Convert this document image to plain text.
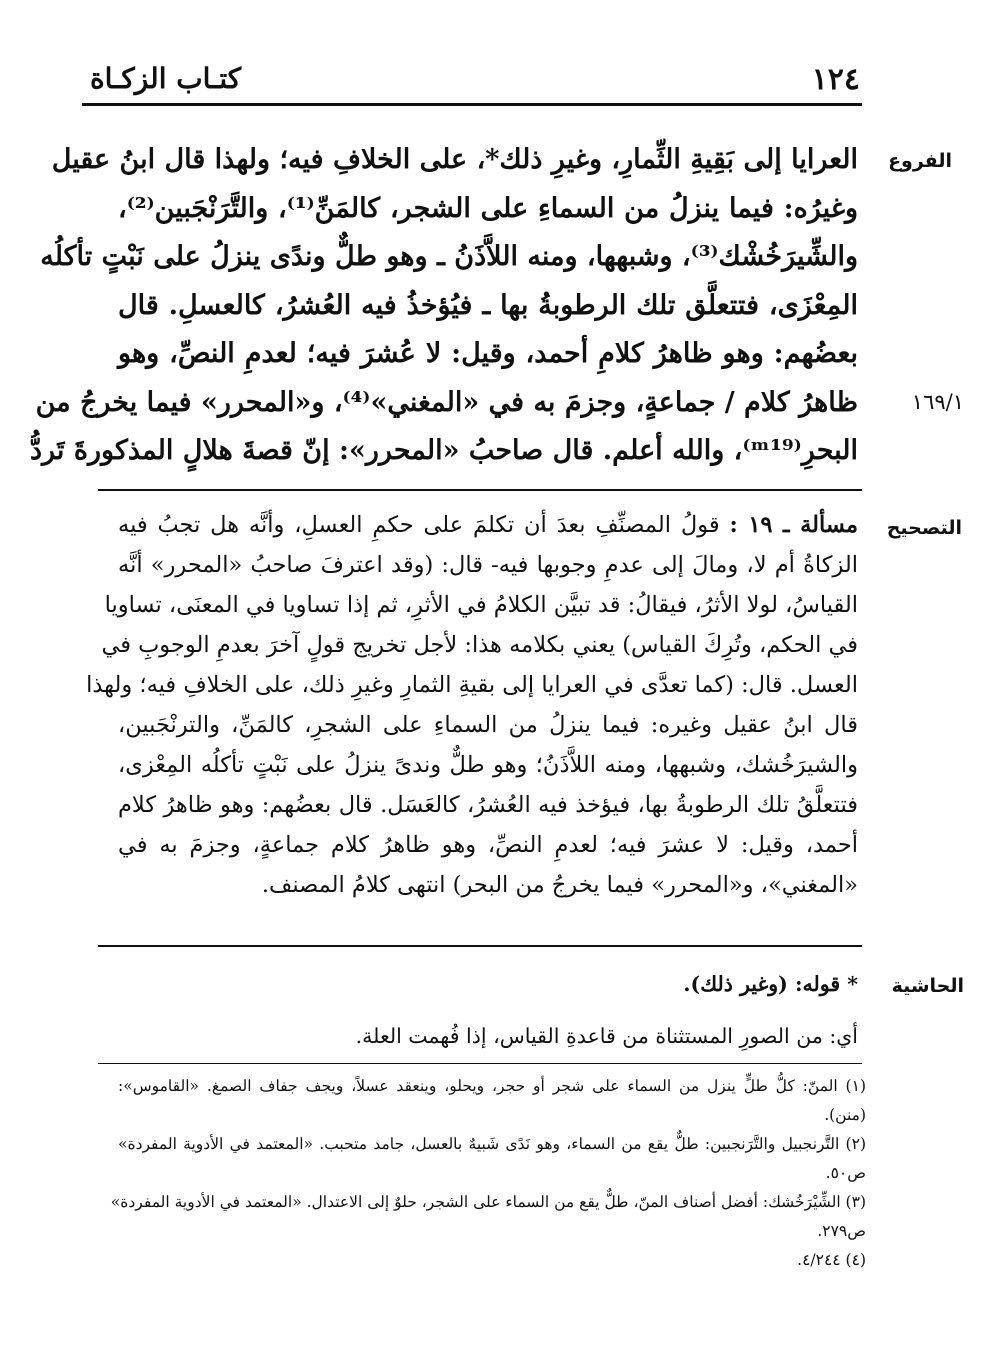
١٢٤
كتـاب الزكـاة
الفروع
١٦٩/١
العرايا إلى بَقِيةِ الثِّمارِ، وغيرِ ذلك*، على الخلافِ فيه؛ ولهذا قال ابنُ عقيل
وغيرُه: فيما ينزلُ من السماءِ على الشجر، كالمَنِّ⁽¹⁾، والتَّرَنْجَبين⁽²⁾،
والشِّيرَخُشْك⁽³⁾، وشبهها، ومنه اللاَّذَنُ ـ وهو طلٌّ وندًى ينزلُ على نَبْتٍ تأكلُه
المِعْزَى، فتتعلَّق تلك الرطوبةُ بها ـ فيُؤخذُ فيه العُشرُ، كالعسلِ. قال
بعضُهم: وهو ظاهرُ كلامِ أحمد، وقيل: لا عُشرَ فيه؛ لعدمِ النصِّ، وهو
ظاهرُ كلام / جماعةٍ، وجزمَ به في «المغني»⁽⁴⁾، و«المحرر» فيما يخرجُ من
البحرِ⁽ᵐ¹⁹⁾، والله أعلم. قال صاحبُ «المحرر»: إنّ قصةَ هلالٍ المذكورةَ تَردُّ
التصحيح
مسألة ـ ١٩ : قولُ المصنِّفِ بعدَ أن تكلمَ على حكمِ العسلِ، وأنَّه هل تجبُ فيه
الزكاةُ أم لا، ومالَ إلى عدمِ وجوبها فيه- قال: (وقد اعترفَ صاحبُ «المحرر» أنَّه
القياسُ، لولا الأثرُ، فيقالُ: قد تبيَّن الكلامُ في الأثرِ، ثم إذا تساويا في المعنَى، تساويا
في الحكم، وتُرِكَ القياس) يعني بكلامه هذا: لأجل تخريج قولٍ آخرَ بعدمِ الوجوبِ في
العسل. قال: (كما تعدَّى في العرايا إلى بقيةِ الثمارِ وغيرِ ذلك، على الخلافِ فيه؛ ولهذا
قال ابنُ عقيل وغيره: فيما ينزلُ من السماءِ على الشجرِ، كالمَنِّ، والترنْجَبين،
والشيرَخُشك، وشبهها، ومنه اللاَّذَنُ؛ وهو طلٌّ وندىً ينزلُ على نَبْتٍ تأكلُه المِعْزى،
فتتعلَّقُ تلك الرطوبةُ بها، فيؤخذ فيه العُشرُ، كالعَسَل. قال بعضُهم: وهو ظاهرُ كلام
أحمد، وقيل: لا عشرَ فيه؛ لعدمِ النصِّ، وهو ظاهرُ كلام جماعةٍ، وجزمَ به في
«المغني»، و«المحرر» فيما يخرجُ من البحر) انتهى كلامُ المصنف.
الحاشية
* قوله: (وغير ذلك).
أي: من الصورِ المستثناة من قاعدةِ القياس، إذا فُهمت العلة.
(١) المنّ: كلُّ طلٍّ ينزل من السماء على شجر أو حجر، ويحلو، وينعقد عسلاً، ويجف جفاف الصمغ. «القاموس»:
(منن).
(٢) التَّرنجبيل والتَّرَنجبين: طلٌّ يقع من السماء، وهو نَدًى شَبيهٌ بالعسل، جامد متحبب. «المعتمد في الأدوية المفردة»
ص٥٠.
(٣) الشِّيْرَخُشك: أفضل أصناف المنّ، طلٌّ يقع من السماء على الشجر، حلوٌ إلى الاعتدال. «المعتمد في الأدوية المفردة»
ص٢٧٩.
(٤) ٤/٢٤٤.
